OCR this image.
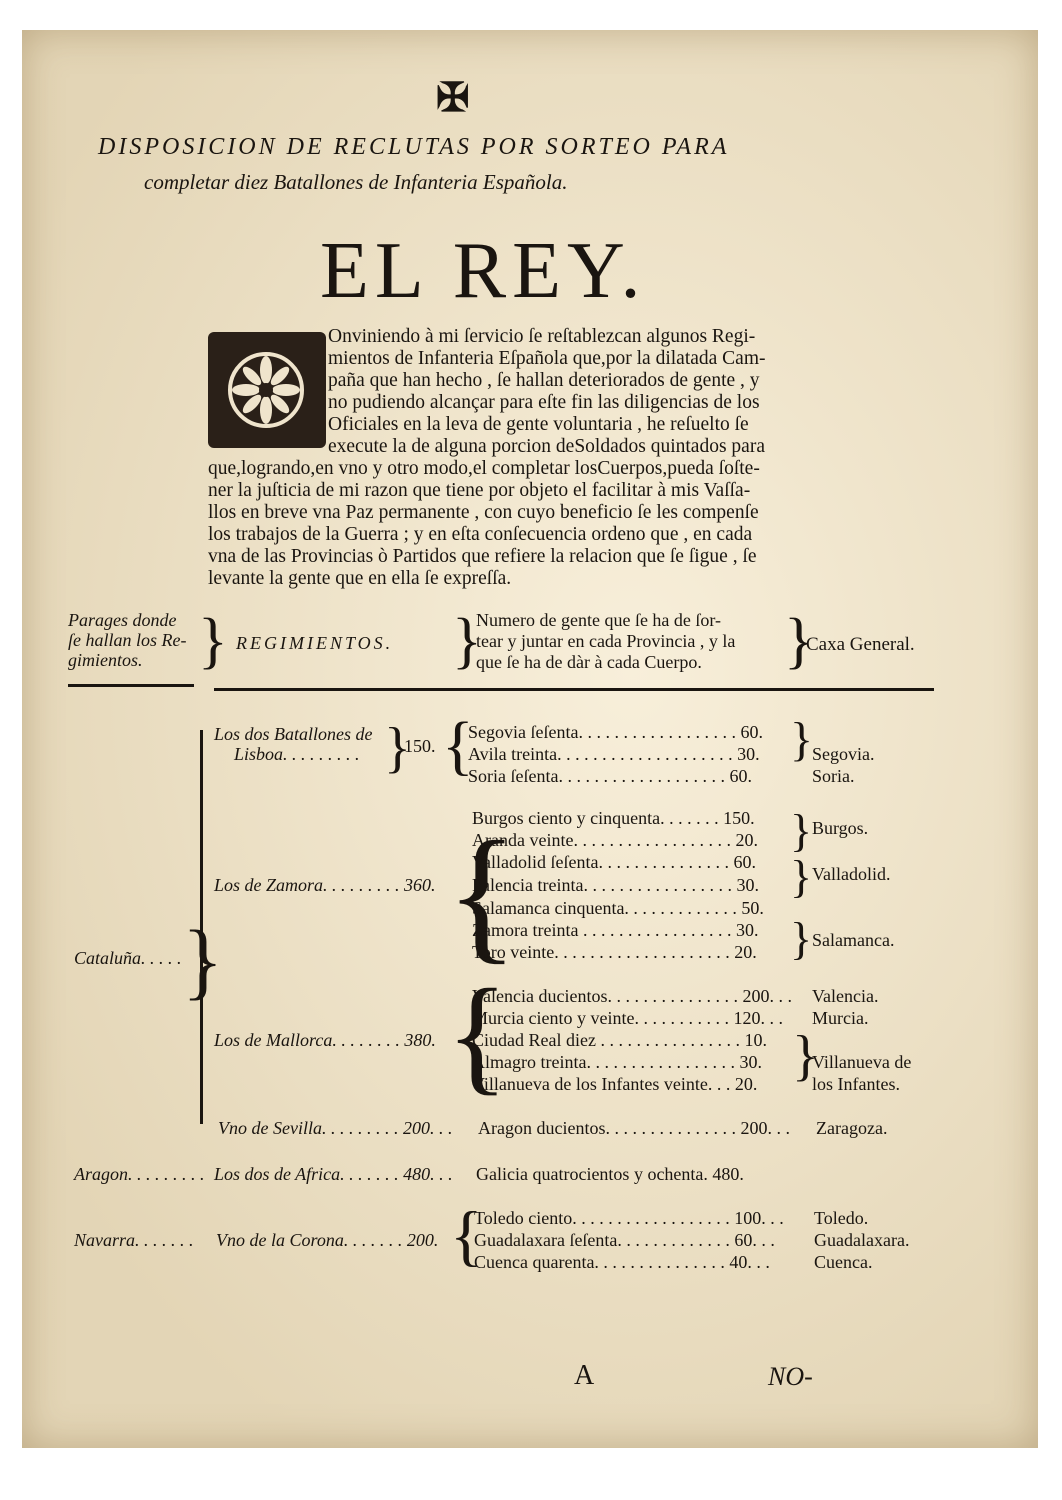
✠
DISPOSICION DE RECLUTAS POR SORTEO PARA
completar diez Batallones de Infanteria Española.
EL REY.
Onviniendo à mi ſervicio ſe reſtablezcan algunos Regi-
mientos de Infanteria Eſpañola que,por la dilatada Cam-
paña que han hecho , ſe hallan deteriorados de gente , y
no pudiendo alcançar para eſte fin las diligencias de los
Oficiales en la leva de gente voluntaria , he reſuelto ſe
execute la de alguna porcion deSoldados quintados para
que,logrando,en vno y otro modo,el completar losCuerpos,pueda ſoſte-
ner la juſticia de mi razon que tiene por objeto el facilitar à mis Vaſſa-
llos en breve vna Paz permanente , con cuyo beneficio ſe les compenſe
los trabajos de la Guerra ; y en eſta conſecuencia ordeno que , en cada
vna de las Provincias ò Partidos que refiere la relacion que ſe ſigue , ſe
levante la gente que en ella ſe expreſſa.
Parages donde
ſe hallan los Re-
gimientos. } REGIMIENTOS. }
Numero de gente que ſe ha de ſor-
tear y juntar en cada Provincia , y la
que ſe ha de dàr à cada Cuerpo. }
Caxa General.
Los dos Batallones de
Lisboa. . . . . . . . . }
150. {
Segovia ſeſenta. . . . . . . . . . . . . . . . . . 60.
Avila treinta. . . . . . . . . . . . . . . . . . . . 30.
Soria ſeſenta. . . . . . . . . . . . . . . . . . . 60.
}
Segovia.
Soria.
Los de Zamora. . . . . . . . . 360. {
Burgos ciento y cinquenta. . . . . . . 150.
Aranda veinte. . . . . . . . . . . . . . . . . . 20.
Valladolid ſeſenta. . . . . . . . . . . . . . . 60.
Palencia treinta. . . . . . . . . . . . . . . . . 30.
Salamanca cinquenta. . . . . . . . . . . . . 50.
Zamora treinta . . . . . . . . . . . . . . . . . 30.
Toro veinte. . . . . . . . . . . . . . . . . . . . 20.
}
}
}
Burgos.
Valladolid.
Salamanca.
Cataluña. . . . . }
Los de Mallorca. . . . . . . . 380. {
Valencia ducientos. . . . . . . . . . . . . . . 200. . .
Murcia ciento y veinte. . . . . . . . . . . 120. . .
Ciudad Real diez . . . . . . . . . . . . . . . . 10.
Almagro treinta. . . . . . . . . . . . . . . . . 30.
Villanueva de los Infantes veinte. . . 20. }
Valencia.
Murcia.
Villanueva de
los Infantes.
Vno de Sevilla. . . . . . . . . 200. . . Aragon ducientos. . . . . . . . . . . . . . . 200. . . Zaragoza.
Aragon. . . . . . . . . Los dos de Africa. . . . . . . 480. . . Galicia quatrocientos y ochenta. 480.
Navarra. . . . . . . Vno de la Corona. . . . . . . 200. {
Toledo ciento. . . . . . . . . . . . . . . . . . 100. . .
Guadalaxara ſeſenta. . . . . . . . . . . . . 60. . .
Cuenca quarenta. . . . . . . . . . . . . . . 40. . .
Toledo.
Guadalaxara.
Cuenca.
A	NO-
